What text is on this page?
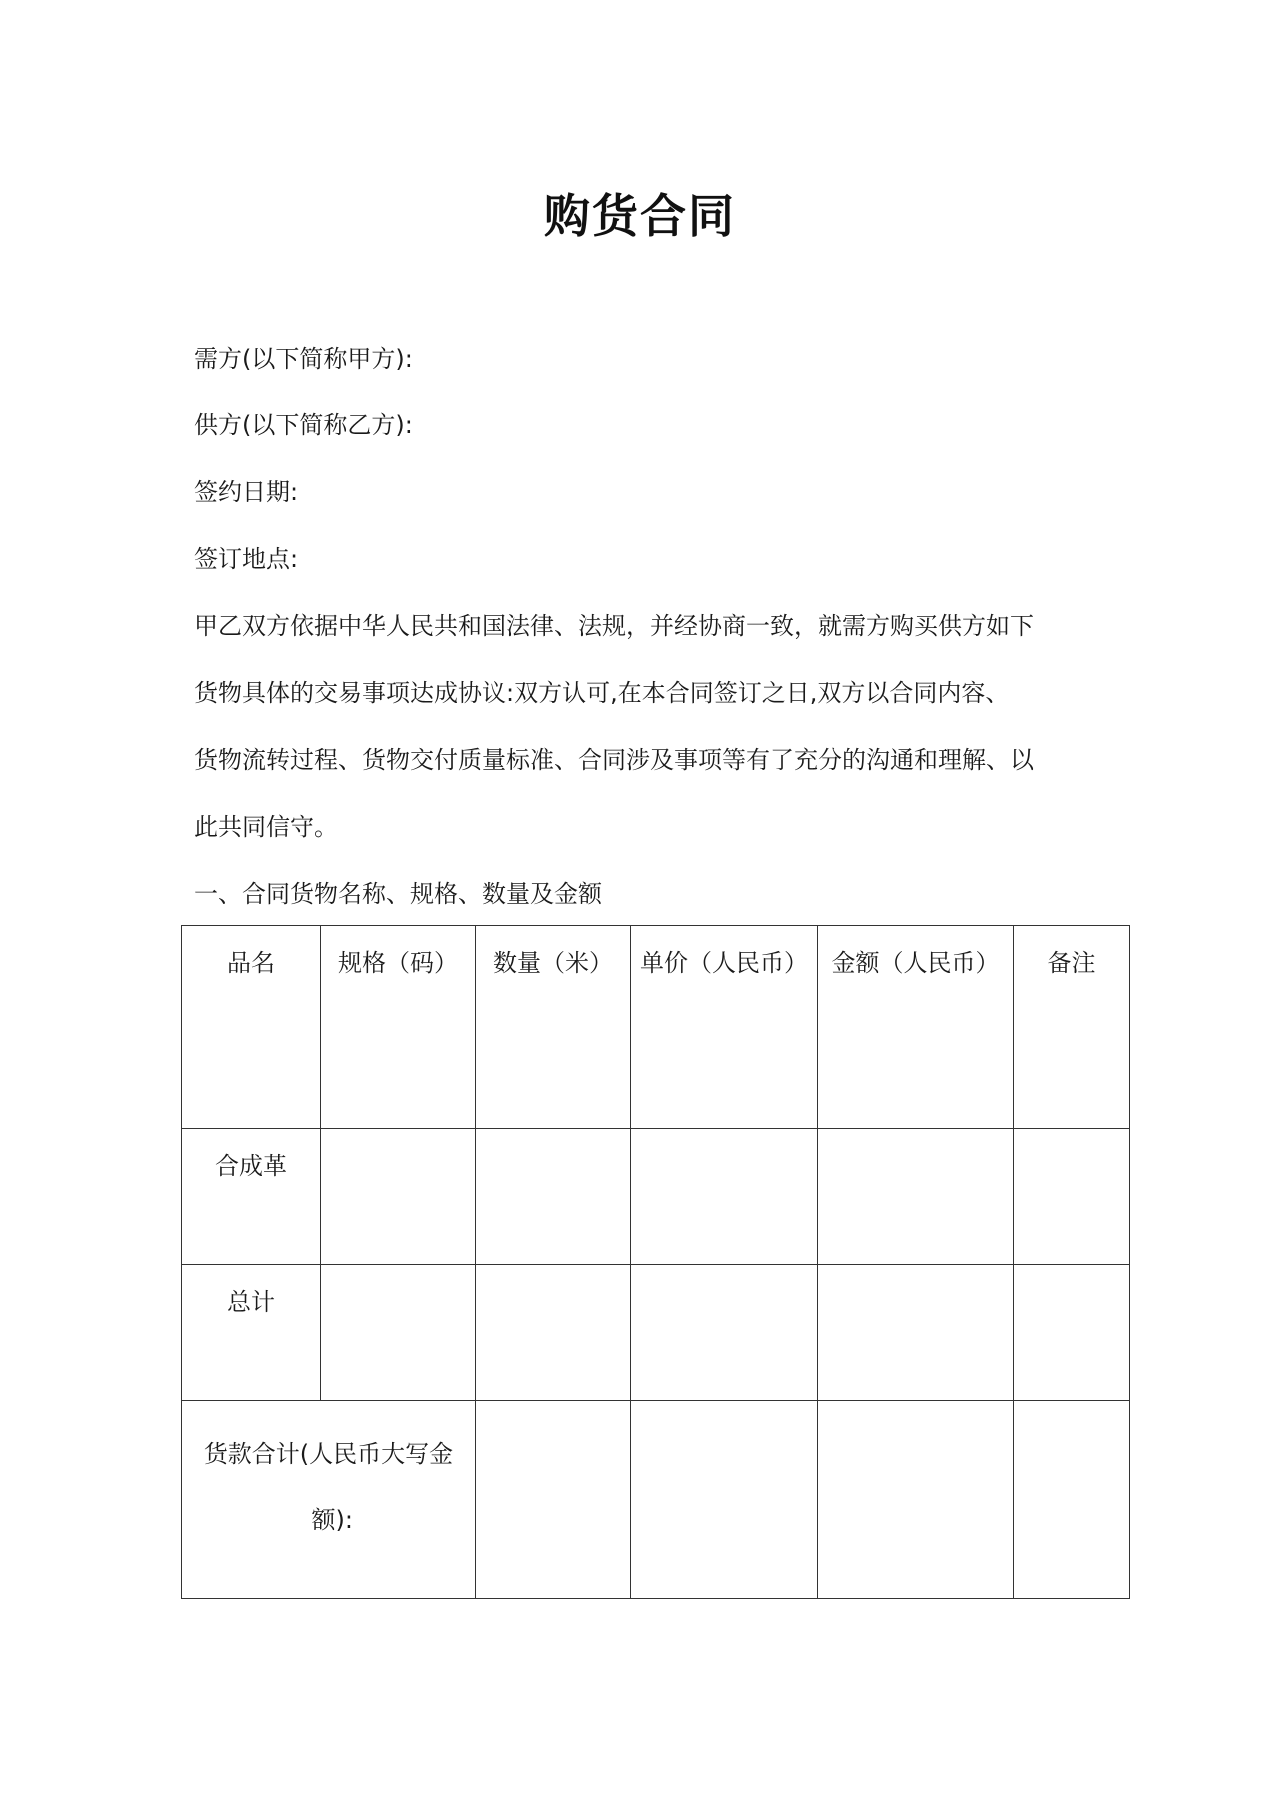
购货合同
需方(以下简称甲方):
供方(以下简称乙方):
签约日期:
签订地点:
甲乙双方依据中华人民共和国法律、法规，并经协商一致，就需方购买供方如下
货物具体的交易事项达成协议:双方认可,在本合同签订之日,双方以合同内容、
货物流转过程、货物交付质量标准、合同涉及事项等有了充分的沟通和理解、以
此共同信守。
一、合同货物名称、规格、数量及金额
品名	规格（码）	数量（米）	单价（人民币）	金额（人民币）	备注
合成革					
总计					

货款合计(人民币大写金
额):					
